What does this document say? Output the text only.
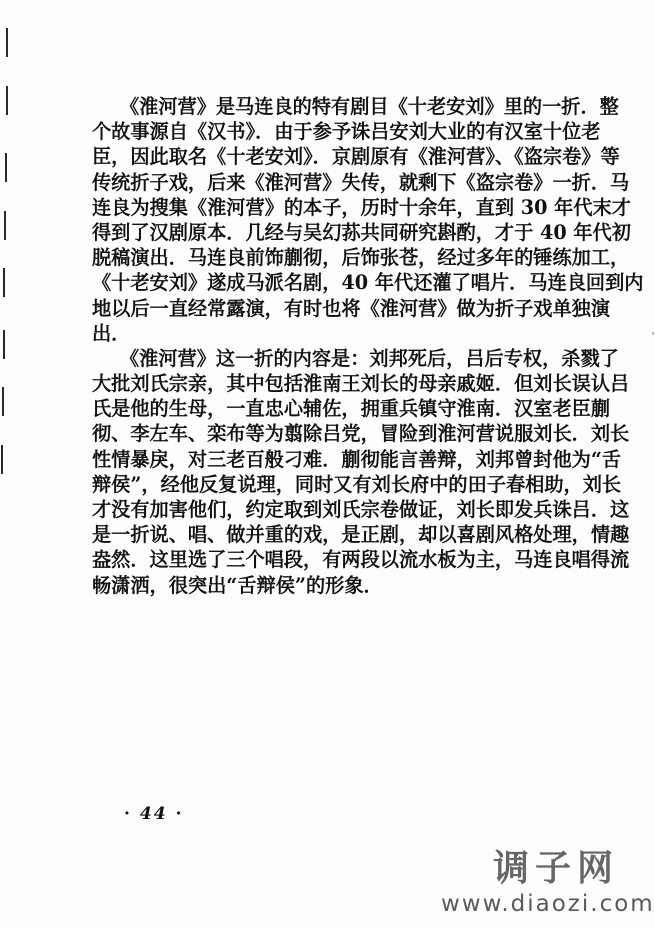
《淮河营》是马连良的特有剧目《十老安刘》里的一折．整
个故事源自《汉书》．由于参予诛吕安刘大业的有汉室十位老
臣，因此取名《十老安刘》．京剧原有《淮河营》、《盗宗卷》等
传统折子戏，后来《淮河营》失传，就剩下《盗宗卷》一折．马
连良为搜集《淮河营》的本子，历时十余年，直到 30 年代末才
得到了汉剧原本．几经与吴幻荪共同研究斟酌，才于 40 年代初
脱稿演出．马连良前饰蒯彻，后饰张苍，经过多年的锤练加工，
《十老安刘》遂成马派名剧，40 年代还灌了唱片．马连良回到内
地以后一直经常露演，有时也将《淮河营》做为折子戏单独演
出．
《淮河营》这一折的内容是：刘邦死后，吕后专权，杀戮了
大批刘氏宗亲，其中包括淮南王刘长的母亲戚姬．但刘长误认吕
氏是他的生母，一直忠心辅佐，拥重兵镇守淮南．汉室老臣蒯
彻、李左车、栾布等为翦除吕党，冒险到淮河营说服刘长．刘长
性情暴戾，对三老百般刁难．蒯彻能言善辩，刘邦曾封他为“舌
辩侯”，经他反复说理，同时又有刘长府中的田子春相助，刘长
才没有加害他们，约定取到刘氏宗卷做证，刘长即发兵诛吕．这
是一折说、唱、做并重的戏，是正剧，却以喜剧风格处理，情趣
盎然．这里选了三个唱段，有两段以流水板为主，马连良唱得流
畅潇洒，很突出“舌辩侯”的形象．
· 44 ·
调子网
www.diaozi.com
